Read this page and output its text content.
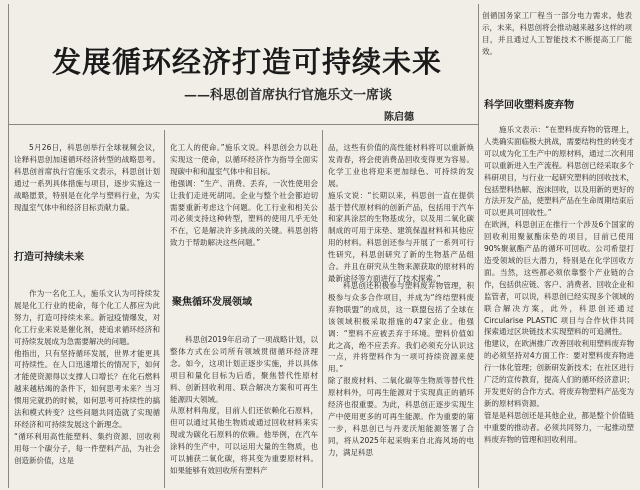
发展循环经济打造可持续未来
——科思创首席执行官施乐文一席谈
陈启德
创循国务家工厂程当一部分电力需求。他表示，未来，科思创将会推动越来越多这样的项目，并且通过人工智能技术不断提高工厂能效。
科学回收塑料废弃物
5月26日，科思创举行全球视频会议，诠释科思创加速循环经济转型的战略思考。科思创首席执行官施乐文表示，科思创计划通过一系列具体措施与项目，逐步实施这一战略愿景，特别是在化学与塑料行业，为实现温室气体中和经济目标贡献力量。
打造可持续未来
作为一名化工人，施乐文认为可持续发展是化工行业的使命，每个化工人都应为此努力，打造可持续未来。新冠疫情爆发，对化工行业来说是催化剂，使追求循环经济和可持续发展成为急需要解决的问题。
他指出，只有坚持循环发展，世界才能更具可持续性。在人口迅速增长的情况下，如何才能使资源得以支撑人口增长？在化石燃料越来越枯竭的条件下，如何思考未来？当习惯用完就扔的时候，如何思考可持续性的搞法和模式转变？这些问题共同造就了实现循环经济和可持续发展这个新理念。
“循环利用高性能塑料、集约资源、回收利用每一个碳分子，每一件塑料产品，为社会创造新价值，这是
化工人的使命。”施乐文说。科思创会力以赴实现这一使命，以循环经济作为指导全面实现碳中和和温室气体中和目标。
他强调：“生产、消费、丢弃，一次性使用会让我们走进死胡同。企业与整个社会都迫切需要重新考虑这个问题。化工行业和相关公司必须支持这种转型，塑料的使用几乎无处不在，它是解决许多挑战的关键。科思创将致力于帮助解决这些问题。”
聚焦循环发展领域
科思创2019年启动了一项战略计划，以整体方式在公司所有领域贯彻循环经济理念。如今，这项计划正逐步实施，并以具体项目和量化目标为后盾，聚焦替代性原材料、创新回收利用、联合解决方案和可再生能源四大领域。
从原材料角度，目前人们还依赖化石原料，但可以通过其他生物质或通过回收材料来实现或为碳化石原料的依赖。他举例，在汽车涂料的生产中，可以运用大量的生物质，也可以捕获二氧化碳，将其变为重要原材料。如果能够有效回收所有塑料产
品，这些有价值的高性能材料将可以重新焕发青春，将会使消费品回收变得更为容易。化学工业也将迎来更加绿色、可持续的发展。
施乐文说：“长期以来，科思创一直在提供基于替代原材料的创新产品，包括用于汽车和家具涂层的生物基成分，以及用二氧化碳制成的可用于床垫、建筑保温材料和其他应用的材料。科思创还参与开展了一系列可行性研究，科思创研究了新的生物基产品组合。并且在研究从生物来源获取的原材料的最新途径等方面进行了技术探索。”
科思创还积极参与塑料废弃物管理，积极参与众多合作项目，并成为“终结塑料废弃物联盟”的成员，这一联盟包括了全球在该领域积极采取措施的47家企业。他强调：“塑料不应被丢弃于环境。塑料价值如此之高，绝不应丢弃。我们必须充分认识这一点，并将塑料作为一项可持续资源来使用。”
除了报废材料、二氧化碳等生物质等替代性原材料外，可再生能源对于实现真正的循环经济也很重要。为此，科思创正逐步实现生产中使用更多的可再生能源。作为重要的第一步，科思创已与丹麦沃旭能源签署了合同，将从2025年起采购来自北海风场的电力，满足科思
施乐文表示：“在塑料废弃物的管理上，人类确实面临极大挑战，需要结构性的转变才可以成为化工生产中的原材料，通过二次利用可以重新进入生产流程。科思创已经采取多个科研项目，与行业一起研究塑料的回收技术，包括塑料热解、泡沫回收，以及用新的更好的方法开发产品，使塑料产品在生命周期结束后可以更具可回收性。”
在欧洲，科思创正在推行一个涉及6个国家的回收利用聚氨酯床垫的项目，目前已使用90%聚氨酯产品的循环可回收。公司希望打造受领域的巨大潜力，特别是在化学回收方面。当然，这些都必须依靠整个产业链的合作，包括供应链、客户、消费者、回收企业和监管者，可以说，科思创已经实现多个领域的联合解决方案，此外，科思创还通过 Circularise PLASTIC 项目与合作伙伴共同探索通过区块链技术实现塑料的可追溯性。
他建议，在欧洲推广改善回收利用塑料废弃物的必须坚持对4方面工作：要对塑料废弃物进行一体化管理；创新研发新技术；在社区进行广泛的宣传教育，提高人们的循环经济意识；开发更好的合作方式。将废弃物塑料产品变为新的原材料资源。
管是是科思创还是其他企业，都是整个价值链中重要的推动者。必须共同努力，一起推动塑料废弃物的管理和回收利用。
